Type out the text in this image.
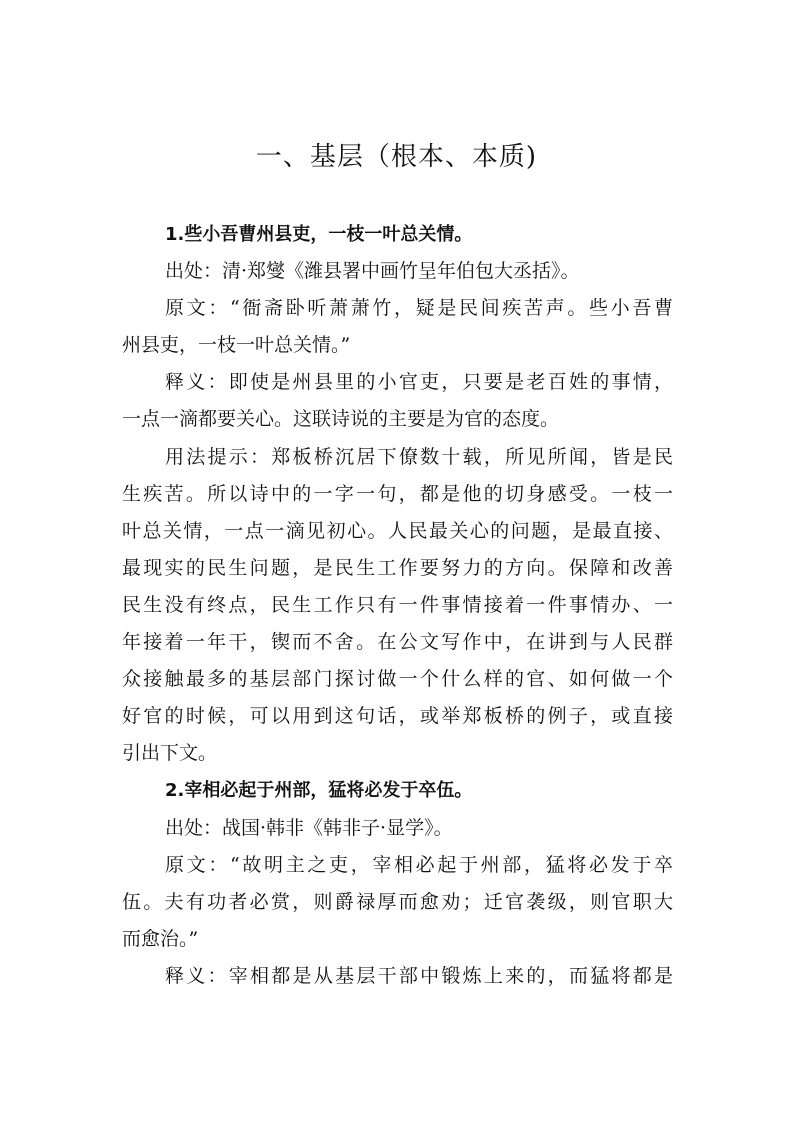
一、基层（根本、本质)
1.些小吾曹州县吏，一枝一叶总关情。
出处：清·郑燮《潍县署中画竹呈年伯包大丞括》。
原文：“衙斋卧听萧萧竹，疑是民间疾苦声。些小吾曹
州县吏，一枝一叶总关情。”
释义：即使是州县里的小官吏，只要是老百姓的事情，
一点一滴都要关心。这联诗说的主要是为官的态度。
用法提示：郑板桥沉居下僚数十载，所见所闻，皆是民
生疾苦。所以诗中的一字一句，都是他的切身感受。一枝一
叶总关情，一点一滴见初心。人民最关心的问题，是最直接、
最现实的民生问题，是民生工作要努力的方向。保障和改善
民生没有终点，民生工作只有一件事情接着一件事情办、一
年接着一年干，锲而不舍。在公文写作中，在讲到与人民群
众接触最多的基层部门探讨做一个什么样的官、如何做一个
好官的时候，可以用到这句话，或举郑板桥的例子，或直接
引出下文。
2.宰相必起于州部，猛将必发于卒伍。
出处：战国·韩非《韩非子·显学》。
原文：“故明主之吏，宰相必起于州部，猛将必发于卒
伍。夫有功者必赏，则爵禄厚而愈劝；迁官袭级，则官职大
而愈治。”
释义：宰相都是从基层干部中锻炼上来的，而猛将都是
